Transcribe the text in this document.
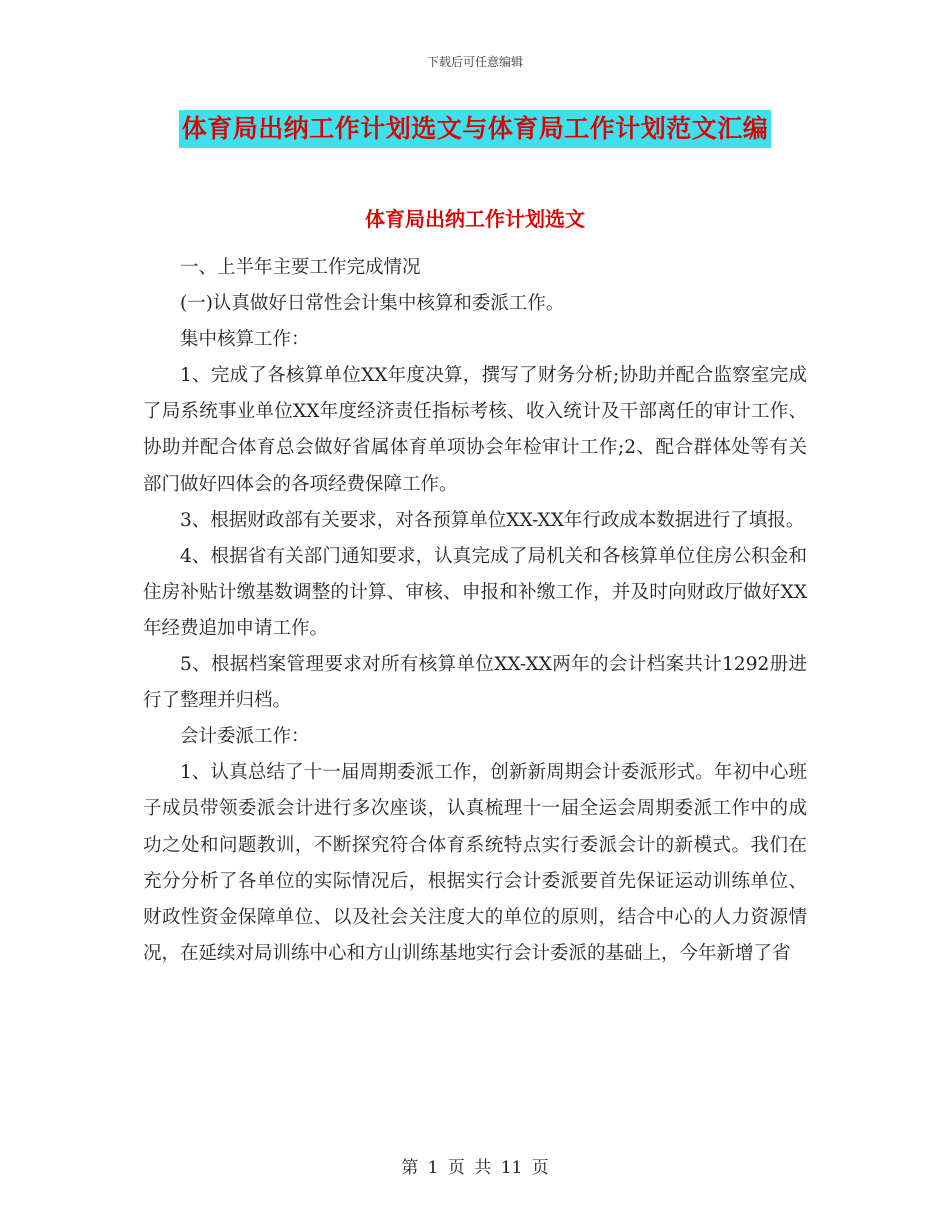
下载后可任意编辑
体育局出纳工作计划选文与体育局工作计划范文汇编
体育局出纳工作计划选文

一、上半年主要工作完成情况

(一)认真做好日常性会计集中核算和委派工作。

集中核算工作：

1、完成了各核算单位XX年度决算，撰写了财务分析;协助并配合监察室完成了局系统事业单位XX年度经济责任指标考核、收入统计及干部离任的审计工作、协助并配合体育总会做好省属体育单项协会年检审计工作;2、配合群体处等有关部门做好四体会的各项经费保障工作。

3、根据财政部有关要求，对各预算单位XX-XX年行政成本数据进行了填报。

4、根据省有关部门通知要求，认真完成了局机关和各核算单位住房公积金和住房补贴计缴基数调整的计算、审核、申报和补缴工作，并及时向财政厅做好XX年经费追加申请工作。

5、根据档案管理要求对所有核算单位XX-XX两年的会计档案共计1292册进行了整理并归档。

会计委派工作：

1、认真总结了十一届周期委派工作，创新新周期会计委派形式。年初中心班子成员带领委派会计进行多次座谈，认真梳理十一届全运会周期委派工作中的成功之处和问题教训，不断探究符合体育系统特点实行委派会计的新模式。我们在充分分析了各单位的实际情况后，根据实行会计委派要首先保证运动训练单位、财政性资金保障单位、以及社会关注度大的单位的原则，结合中心的人力资源情况，在延续对局训练中心和方山训练基地实行会计委派的基础上，今年新增了省

第 1 页 共 11 页
